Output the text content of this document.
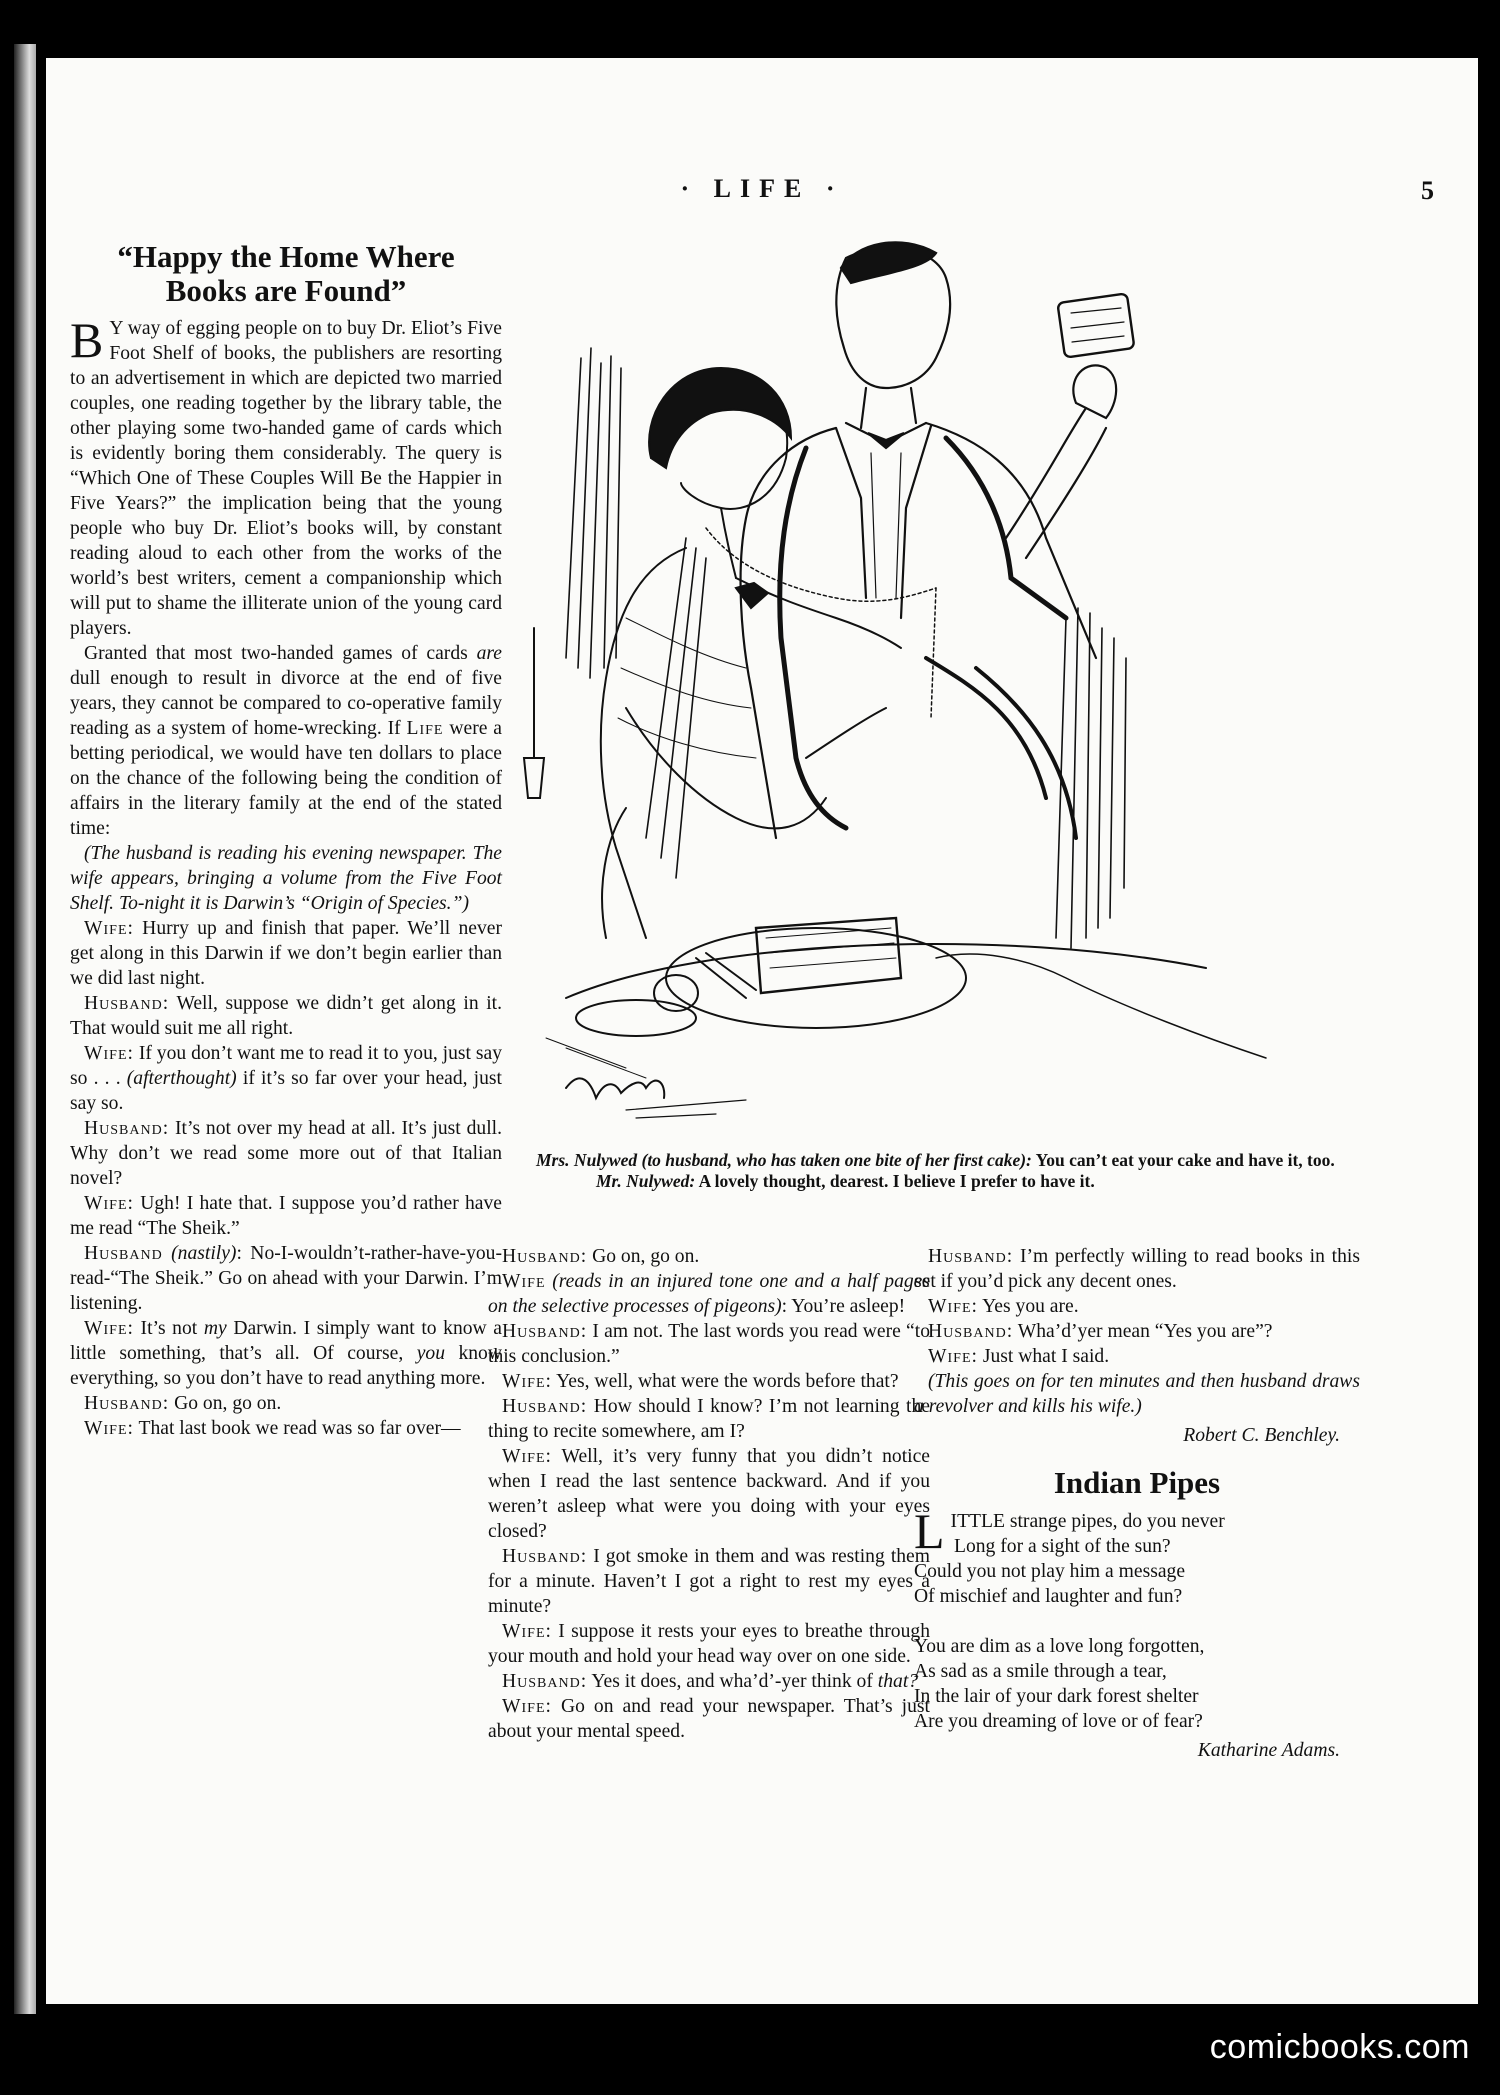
· LIFE ·	5
“Happy the Home Where
Books are Found”

B Y way of egging people on to buy Dr. Eliot’s Five Foot Shelf of books, the publishers are resorting to an advertisement in which are depicted two married couples, one reading together by the library table, the other playing some two-handed game of cards which is evidently boring them considerably. The query is “Which One of These Couples Will Be the Happier in Five Years?” the implication being that the young people who buy Dr. Eliot’s books will, by constant reading aloud to each other from the works of the world’s best writers, cement a companionship which will put to shame the illiterate union of the young card players.

Granted that most two-handed games of cards are dull enough to result in divorce at the end of five years, they cannot be compared to co-operative family reading as a system of home-wrecking. If Life were a betting periodical, we would have ten dollars to place on the chance of the following being the condition of affairs in the literary family at the end of the stated time:

(The husband is reading his evening newspaper. The wife appears, bringing a volume from the Five Foot Shelf. To-night it is Darwin’s “Origin of Species.”)

Wife: Hurry up and finish that paper. We’ll never get along in this Darwin if we don’t begin earlier than we did last night.

Husband: Well, suppose we didn’t get along in it. That would suit me all right.

Wife: If you don’t want me to read it to you, just say so . . . (afterthought) if it’s so far over your head, just say so.

Husband: It’s not over my head at all. It’s just dull. Why don’t we read some more out of that Italian novel?

Wife: Ugh! I hate that. I suppose you’d rather have me read “The Sheik.”

Husband (nastily): No-I-wouldn’t-rather-have-you-read-“The Sheik.” Go on ahead with your Darwin. I’m listening.

Wife: It’s not my Darwin. I simply want to know a little something, that’s all. Of course, you know everything, so you don’t have to read anything more.

Husband: Go on, go on.

Wife: That last book we read was so far over—

Mrs. Nulywed (to husband, who has taken one bite of her first cake): You can’t eat your cake and have it, too.

Mr. Nulywed: A lovely thought, dearest. I believe I prefer to have it.

Husband: Go on, go on.

Wife (reads in an injured tone one and a half pages on the selective processes of pigeons): You’re asleep!

Husband: I am not. The last words you read were “to this conclusion.”

Wife: Yes, well, what were the words before that?

Husband: How should I know? I’m not learning the thing to recite somewhere, am I?

Wife: Well, it’s very funny that you didn’t notice when I read the last sentence backward. And if you weren’t asleep what were you doing with your eyes closed?

Husband: I got smoke in them and was resting them for a minute. Haven’t I got a right to rest my eyes a minute?

Wife: I suppose it rests your eyes to breathe through your mouth and hold your head way over on one side.

Husband: Yes it does, and wha’d’-yer think of that?

Wife: Go on and read your newspaper. That’s just about your mental speed.

Husband: I’m perfectly willing to read books in this set if you’d pick any decent ones.

Wife: Yes you are.

Husband: Wha’d’yer mean “Yes you are”?

Wife: Just what I said.

(This goes on for ten minutes and then husband draws a revolver and kills his wife.)

Robert C. Benchley.
Indian Pipes
LITTLE strange pipes, do you never
Long for a sight of the sun?
Could you not play him a message
Of mischief and laughter and fun?
You are dim as a love long forgotten,
As sad as a smile through a tear,
In the lair of your dark forest shelter
Are you dreaming of love or of fear?
Katharine Adams.
comicbooks.com
